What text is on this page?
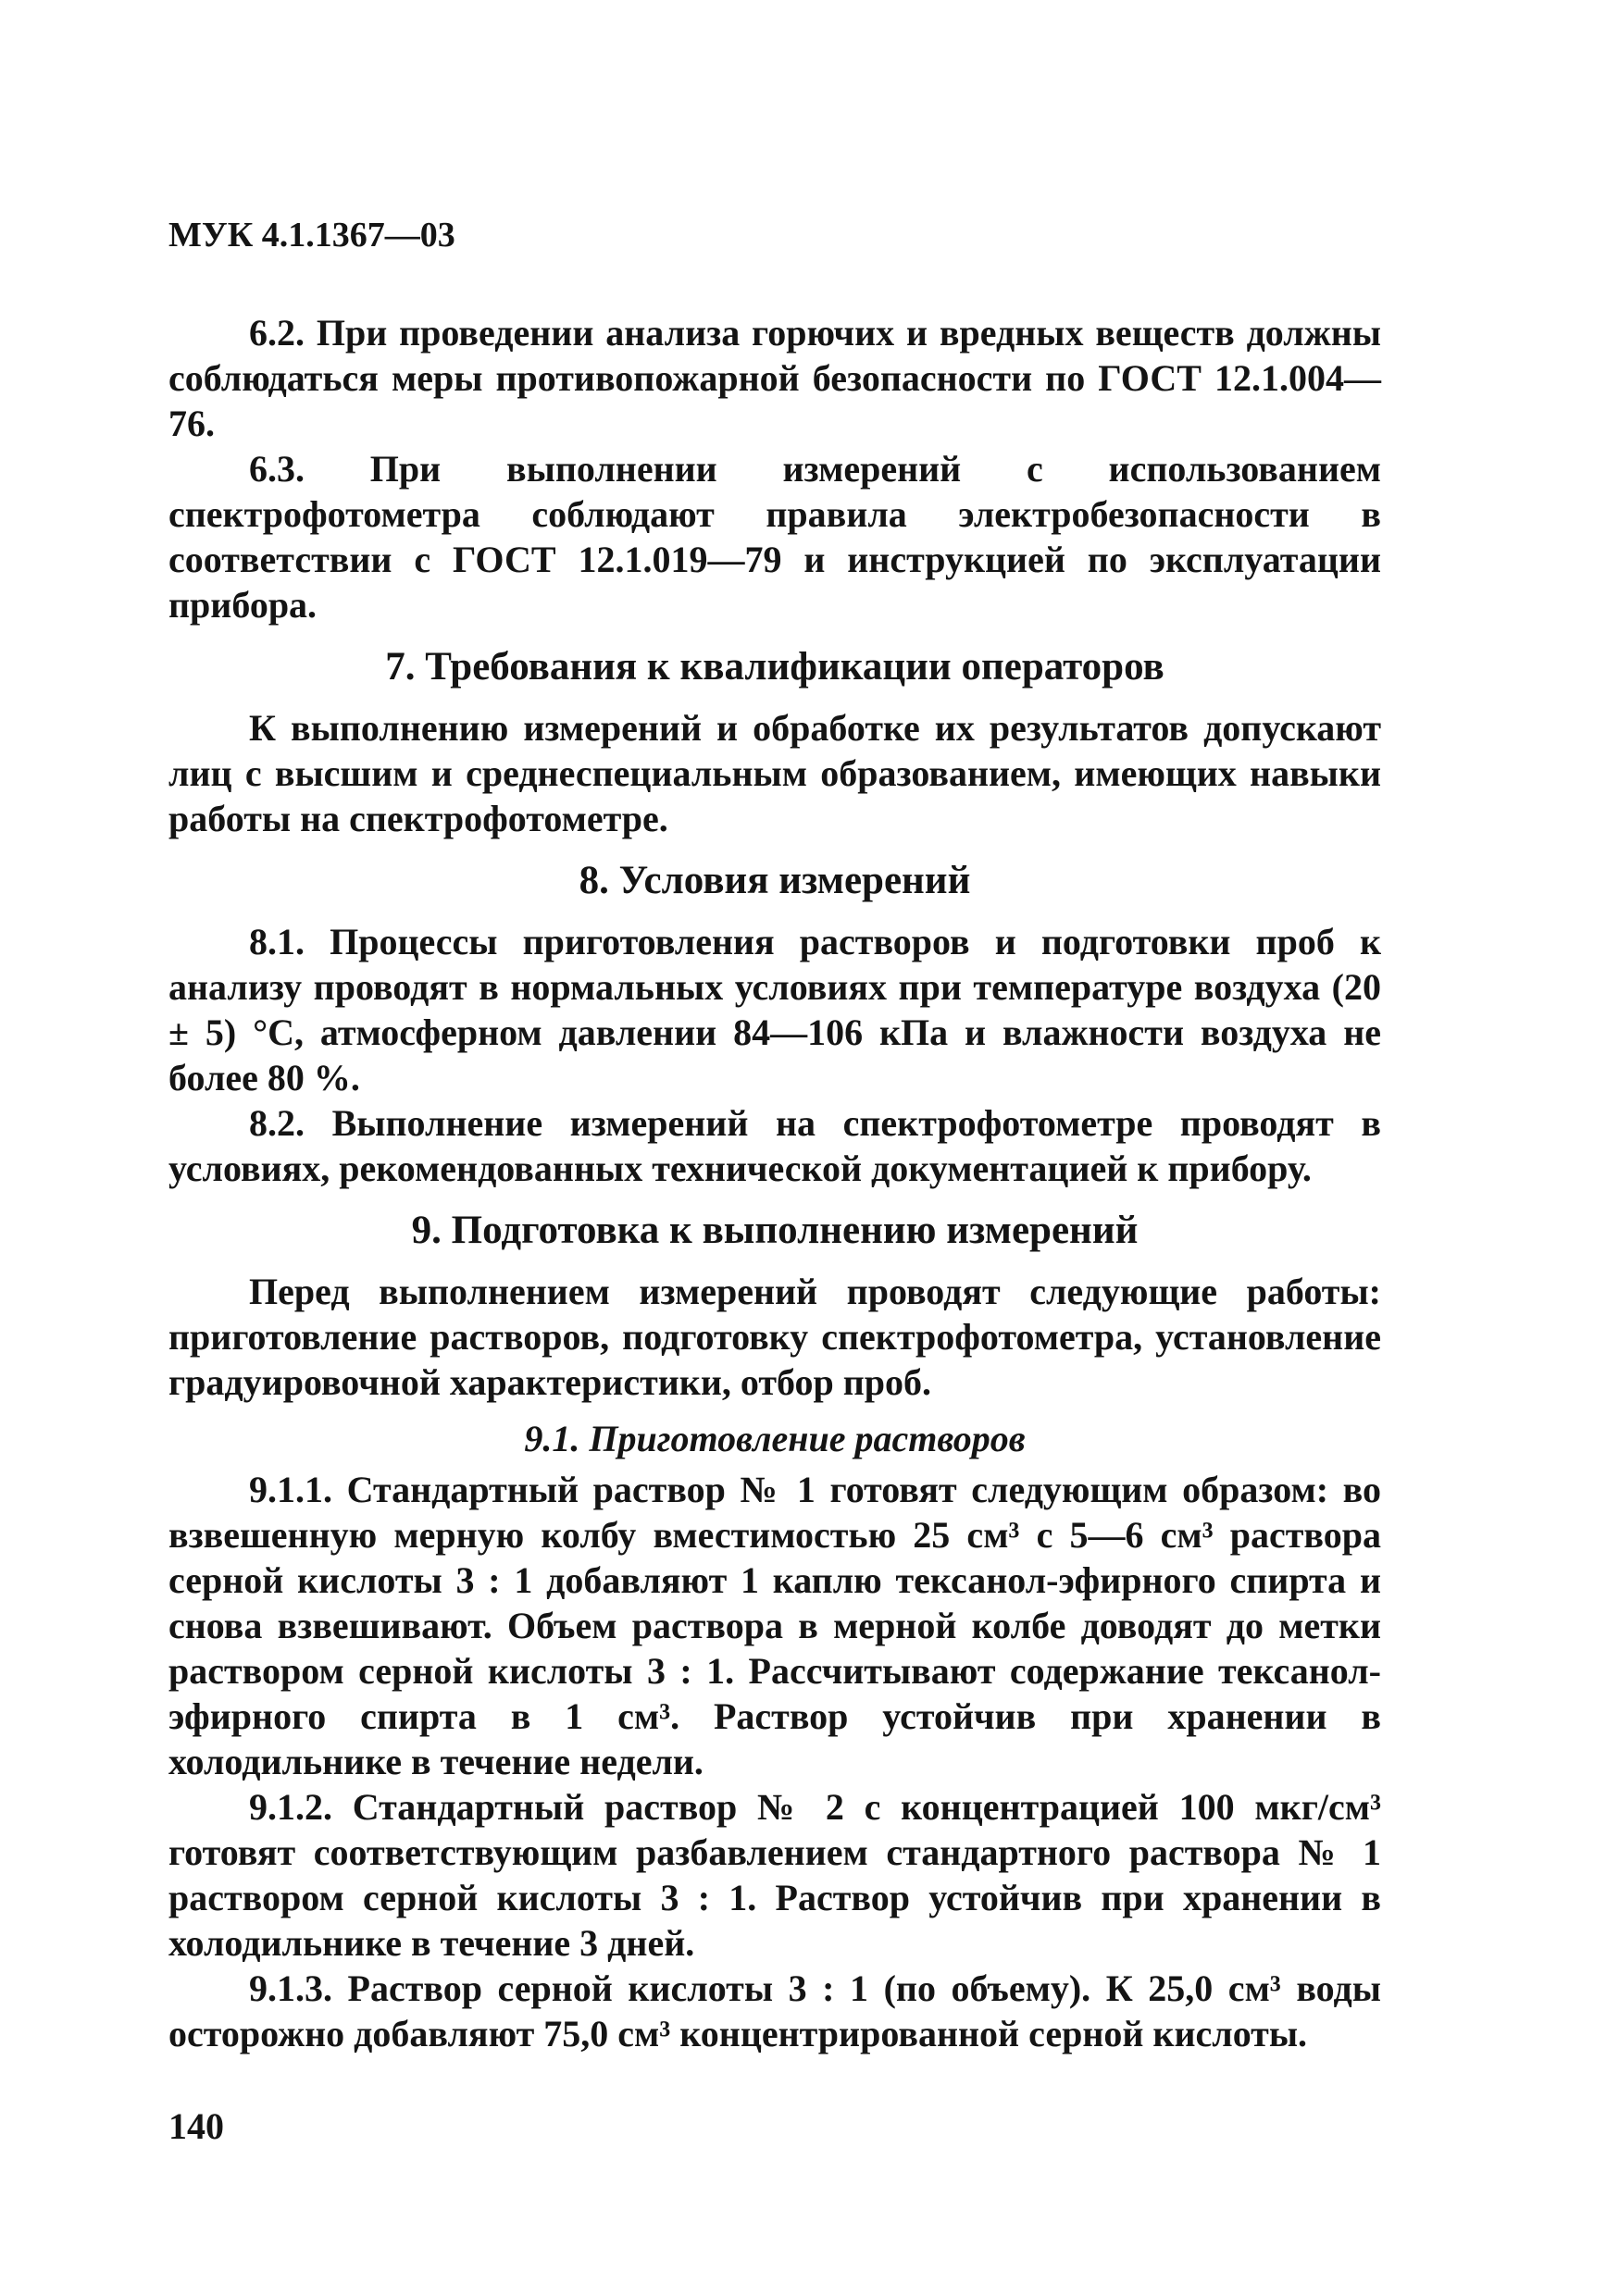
МУК 4.1.1367—03

6.2. При проведении анализа горючих и вредных веществ должны соблюдаться меры противопожарной безопасности по ГОСТ 12.1.004—76.

6.3. При выполнении измерений с использованием спектрофотометра соблюдают правила электробезопасности в соответствии с ГОСТ 12.1.019—79 и инструкцией по эксплуатации прибора.

7. Требования к квалификации операторов

К выполнению измерений и обработке их результатов допускают лиц с высшим и среднеспециальным образованием, имеющих навыки работы на спектрофотометре.

8. Условия измерений

8.1. Процессы приготовления растворов и подготовки проб к анализу проводят в нормальных условиях при температуре воздуха (20 ± 5) °С, атмосферном давлении 84—106 кПа и влажности воздуха не более 80 %.

8.2. Выполнение измерений на спектрофотометре проводят в условиях, рекомендованных технической документацией к прибору.

9. Подготовка к выполнению измерений

Перед выполнением измерений проводят следующие работы: приготовление растворов, подготовку спектрофотометра, установление градуировочной характеристики, отбор проб.

9.1. Приготовление растворов

9.1.1. Стандартный раствор № 1 готовят следующим образом: во взвешенную мерную колбу вместимостью 25 см³ с 5—6 см³ раствора серной кислоты 3 : 1 добавляют 1 каплю тексанол-эфирного спирта и снова взвешивают. Объем раствора в мерной колбе доводят до метки раствором серной кислоты 3 : 1. Рассчитывают содержание тексанол-эфирного спирта в 1 см³. Раствор устойчив при хранении в холодильнике в течение недели.

9.1.2. Стандартный раствор № 2 с концентрацией 100 мкг/см³ готовят соответствующим разбавлением стандартного раствора № 1 раствором серной кислоты 3 : 1. Раствор устойчив при хранении в холодильнике в течение 3 дней.

9.1.3. Раствор серной кислоты 3 : 1 (по объему). К 25,0 см³ воды осторожно добавляют 75,0 см³ концентрированной серной кислоты.

140
